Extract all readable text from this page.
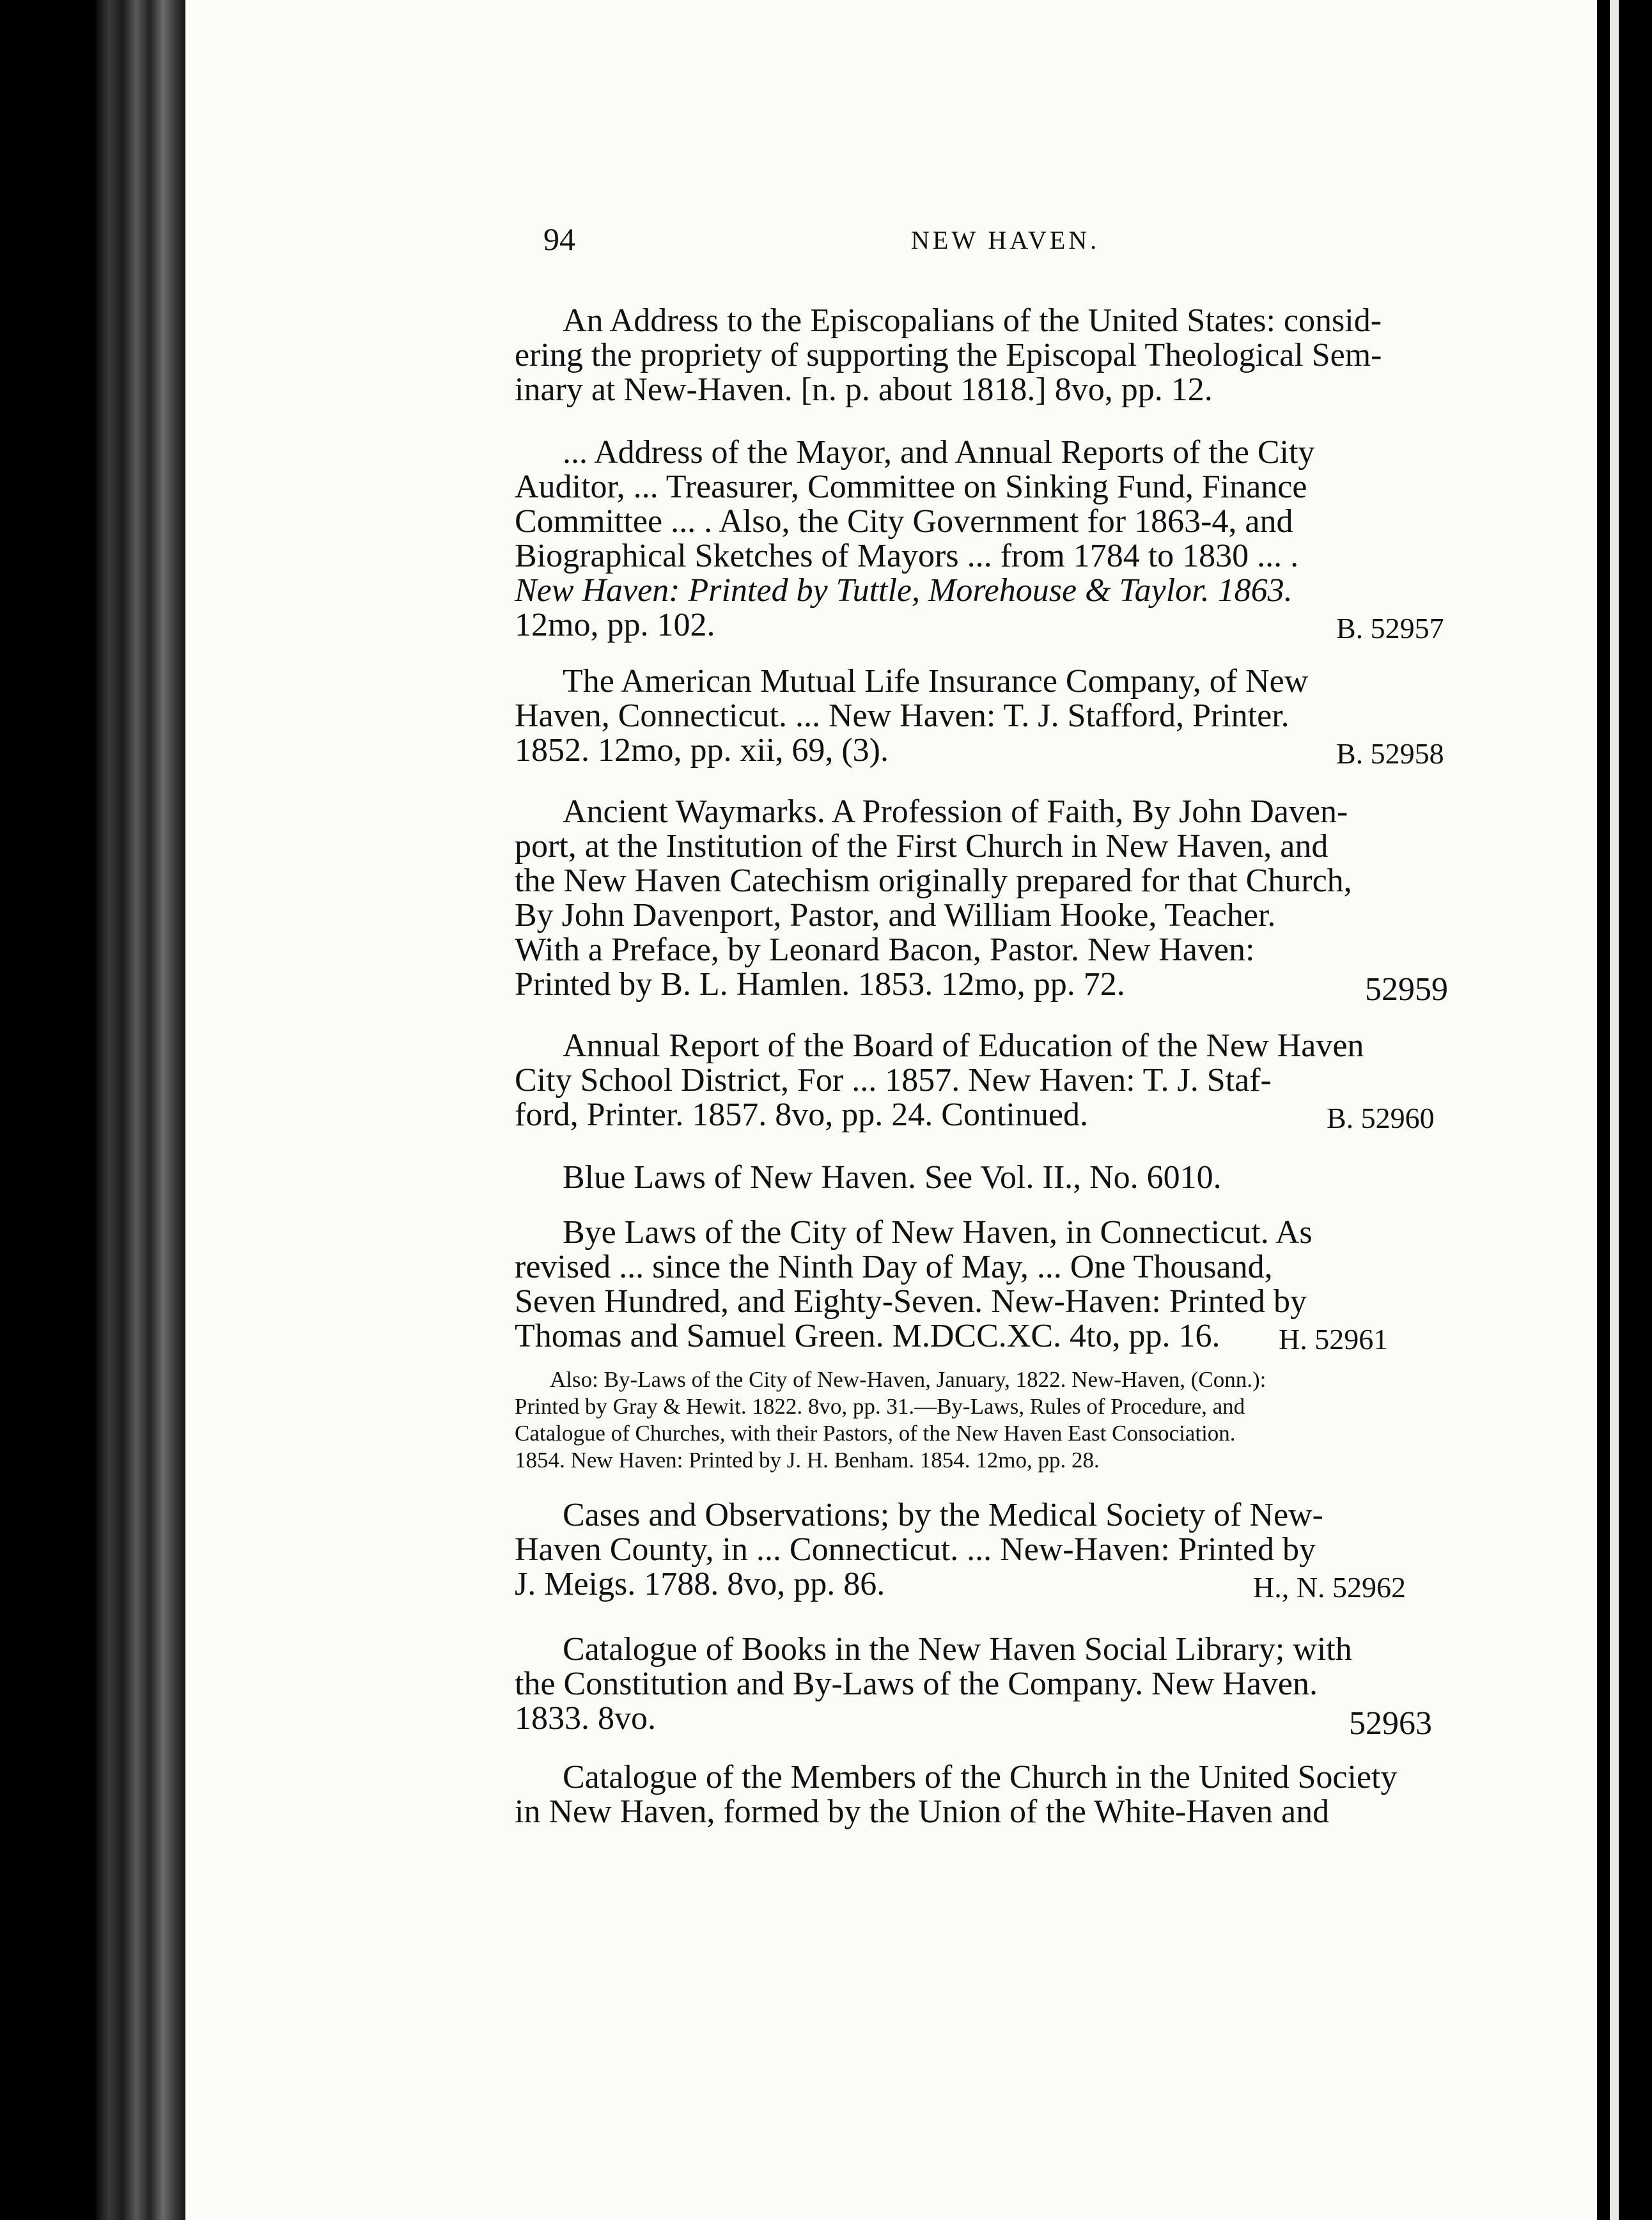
94	NEW HAVEN.
An Address to the Episcopalians of the United States: consid-
ering the propriety of supporting the Episcopal Theological Sem-
inary at New-Haven. [n. p. about 1818.] 8vo, pp. 12.
... Address of the Mayor, and Annual Reports of the City
Auditor, ... Treasurer, Committee on Sinking Fund, Finance
Committee ... . Also, the City Government for 1863-4, and
Biographical Sketches of Mayors ... from 1784 to 1830 ... .
New Haven: Printed by Tuttle, Morehouse & Taylor. 1863.
12mo, pp. 102.	B. 52957
The American Mutual Life Insurance Company, of New
Haven, Connecticut. ... New Haven: T. J. Stafford, Printer.
1852. 12mo, pp. xii, 69, (3).	B. 52958
Ancient Waymarks. A Profession of Faith, By John Daven-
port, at the Institution of the First Church in New Haven, and
the New Haven Catechism originally prepared for that Church,
By John Davenport, Pastor, and William Hooke, Teacher.
With a Preface, by Leonard Bacon, Pastor. New Haven:
Printed by B. L. Hamlen. 1853. 12mo, pp. 72.	52959
Annual Report of the Board of Education of the New Haven
City School District, For ... 1857. New Haven: T. J. Staf-
ford, Printer. 1857. 8vo, pp. 24. Continued.	B. 52960
Blue Laws of New Haven. See Vol. II., No. 6010.
Bye Laws of the City of New Haven, in Connecticut. As
revised ... since the Ninth Day of May, ... One Thousand,
Seven Hundred, and Eighty-Seven. New-Haven: Printed by
Thomas and Samuel Green. M.DCC.XC. 4to, pp. 16. H. 52961
Also: By-Laws of the City of New-Haven, January, 1822. New-Haven, (Conn.):
Printed by Gray & Hewit. 1822. 8vo, pp. 31.—By-Laws, Rules of Procedure, and
Catalogue of Churches, with their Pastors, of the New Haven East Consociation.
1854. New Haven: Printed by J. H. Benham. 1854. 12mo, pp. 28.
Cases and Observations; by the Medical Society of New-
Haven County, in ... Connecticut. ... New-Haven: Printed by
J. Meigs. 1788. 8vo, pp. 86.	H., N. 52962
Catalogue of Books in the New Haven Social Library; with
the Constitution and By-Laws of the Company. New Haven.
1833. 8vo.	52963
Catalogue of the Members of the Church in the United Society
in New Haven, formed by the Union of the White-Haven and
